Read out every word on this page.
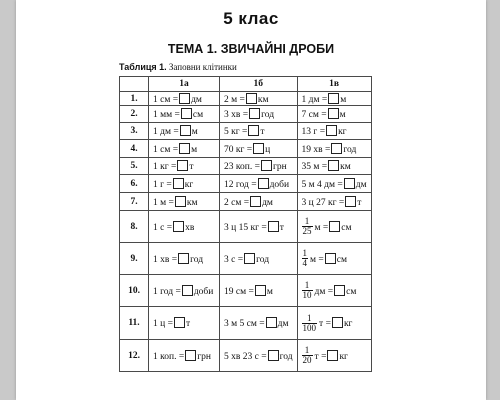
5 клас
ТЕМА 1. ЗВИЧАЙНІ ДРОБИ
Таблиця 1. Заповни клітинки
	1а	1б	1в
1.	1 см = дм	2 м = км	1 дм = м
2.	1 мм = см	3 хв = год	7 см = м
3.	1 дм = м	5 кг = т	13 г = кг
4.	1 см = м	70 кг = ц	19 хв = год
5.	1 кг = т	23 коп. = грн	35 м = км
6.	1 г = кг	12 год = доби	5 м 4 дм = дм
7.	1 м = км	2 см = дм	3 ц 27 кг = т
8.	1 с = хв	3 ц 15 кг = т	$\frac{1}{25}$ м = см
9.	1 хв = год	3 с = год	$\frac{1}{4}$ м = см
10.	1 год = доби	19 см = м	$\frac{1}{10}$ дм = см
11.	1 ц = т	3 м 5 см = дм	$\frac{1}{100}$ т = кг
12.	1 коп. = грн	5 хв 23 с = год	$\frac{1}{20}$ т = кг
